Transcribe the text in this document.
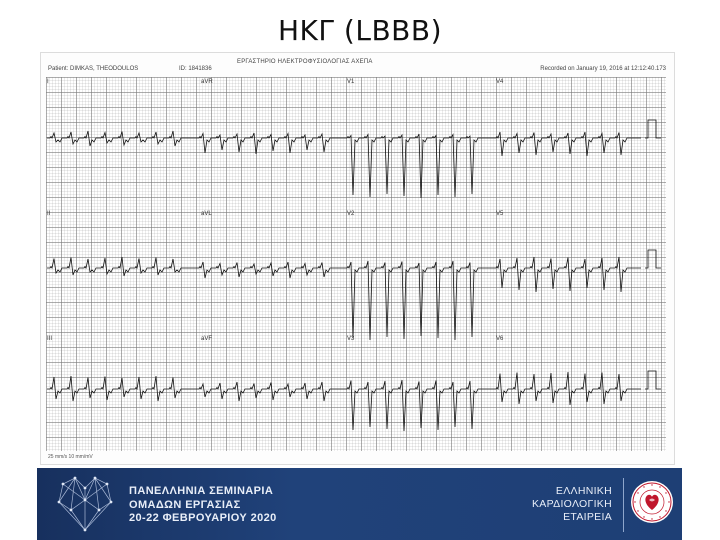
ΗΚΓ (LBBB)
ΕΡΓΑΣΤΗΡΙΟ ΗΛΕΚΤΡΟΦΥΣΙΟΛΟΓΙΑΣ ΑΧΕΠΑ
Patient: DIMKAS, THEODOULOS	ID: 1841836	Recorded on January 19, 2016 at 12:12:40.173
I	aVR	V1	V4
II	aVL	V2	V5
III	aVF	V3	V6
25 mm/s 10 mm/mV
ΠΑΝΕΛΛΗΝΙΑ ΣΕΜΙΝΑΡΙΑ
ΟΜΑΔΩΝ ΕΡΓΑΣΙΑΣ
20-22 ΦΕΒΡΟΥΑΡΙΟΥ 2020
ΕΛΛΗΝΙΚΗ
ΚΑΡΔΙΟΛΟΓΙΚΗ
ΕΤΑΙΡΕΙΑ
